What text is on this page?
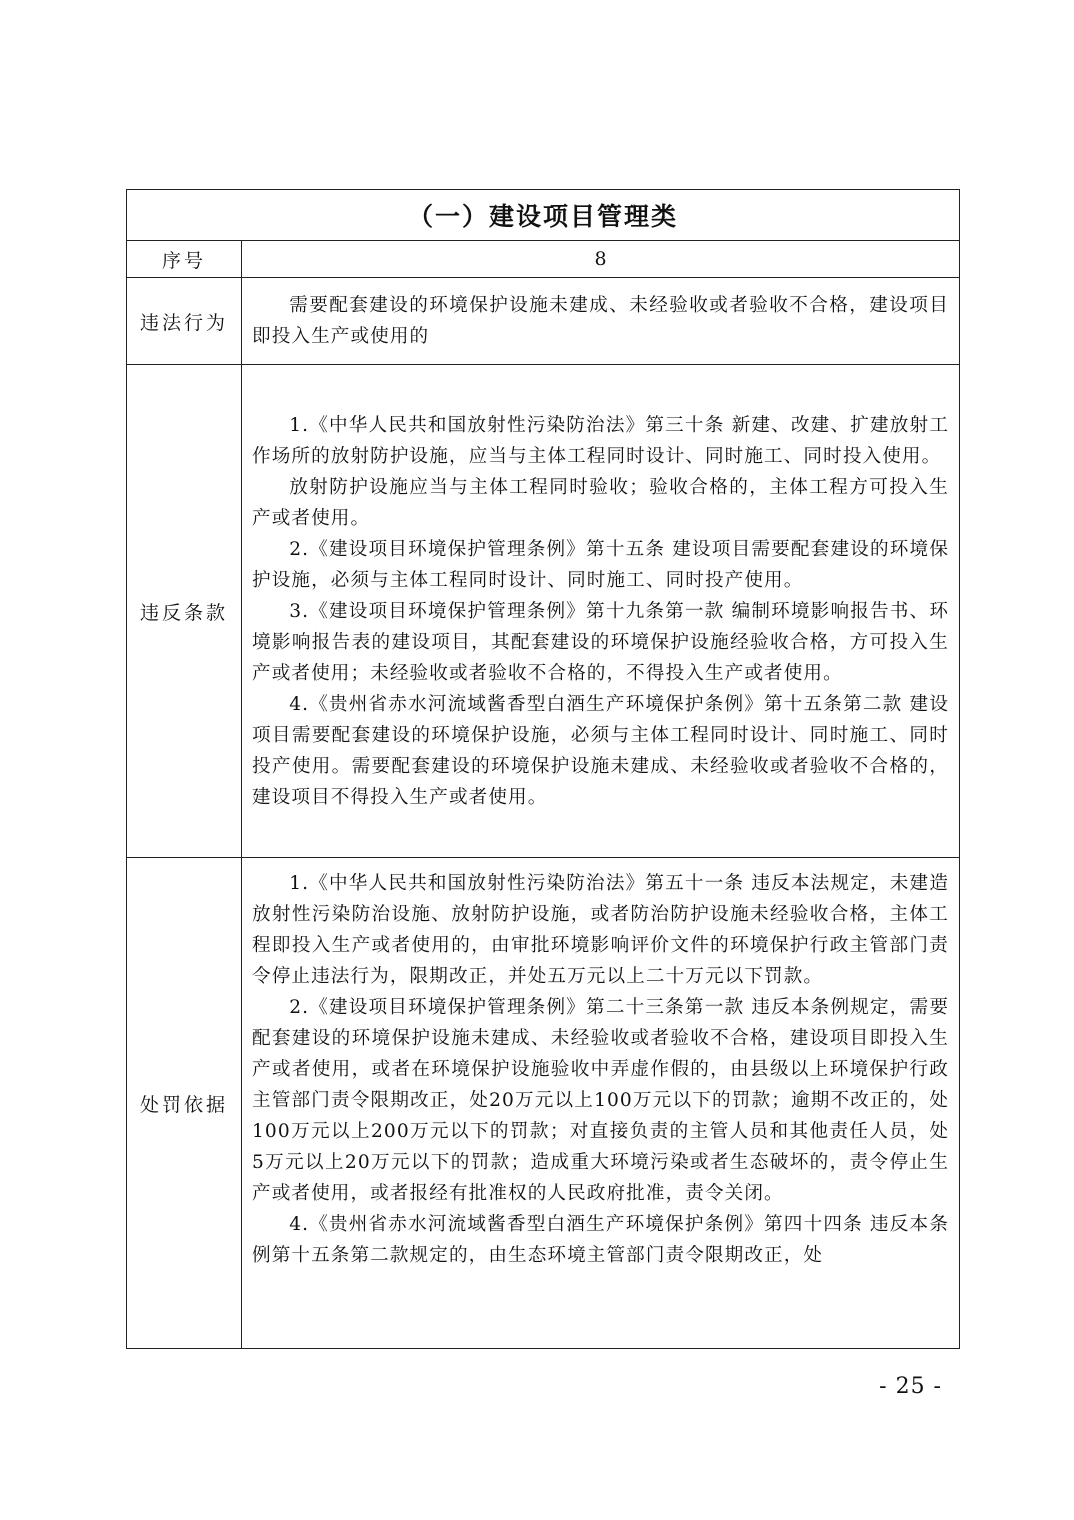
（一）建设项目管理类	
序号	8
违法行为	需要配套建设的环境保护设施未建成、未经验收或者验收不合格，建设项目即投入生产或使用的

违反条款	1.《中华人民共和国放射性污染防治法》第三十条 新建、改建、扩建放射工作场所的放射防护设施，应当与主体工程同时设计、同时施工、同时投入使用。

放射防护设施应当与主体工程同时验收；验收合格的，主体工程方可投入生产或者使用。

2.《建设项目环境保护管理条例》第十五条 建设项目需要配套建设的环境保护设施，必须与主体工程同时设计、同时施工、同时投产使用。

3.《建设项目环境保护管理条例》第十九条第一款 编制环境影响报告书、环境影响报告表的建设项目，其配套建设的环境保护设施经验收合格，方可投入生产或者使用；未经验收或者验收不合格的，不得投入生产或者使用。

4.《贵州省赤水河流域酱香型白酒生产环境保护条例》第十五条第二款 建设项目需要配套建设的环境保护设施，必须与主体工程同时设计、同时施工、同时投产使用。需要配套建设的环境保护设施未建成、未经验收或者验收不合格的，建设项目不得投入生产或者使用。

处罚依据	1.《中华人民共和国放射性污染防治法》第五十一条 违反本法规定，未建造放射性污染防治设施、放射防护设施，或者防治防护设施未经验收合格，主体工程即投入生产或者使用的，由审批环境影响评价文件的环境保护行政主管部门责令停止违法行为，限期改正，并处五万元以上二十万元以下罚款。

2.《建设项目环境保护管理条例》第二十三条第一款 违反本条例规定，需要配套建设的环境保护设施未建成、未经验收或者验收不合格，建设项目即投入生产或者使用，或者在环境保护设施验收中弄虚作假的，由县级以上环境保护行政主管部门责令限期改正，处20万元以上100万元以下的罚款；逾期不改正的，处100万元以上200万元以下的罚款；对直接负责的主管人员和其他责任人员，处5万元以上20万元以下的罚款；造成重大环境污染或者生态破坏的，责令停止生产或者使用，或者报经有批准权的人民政府批准，责令关闭。

4.《贵州省赤水河流域酱香型白酒生产环境保护条例》第四十四条 违反本条例第十五条第二款规定的，由生态环境主管部门责令限期改正，处

- 25 -
